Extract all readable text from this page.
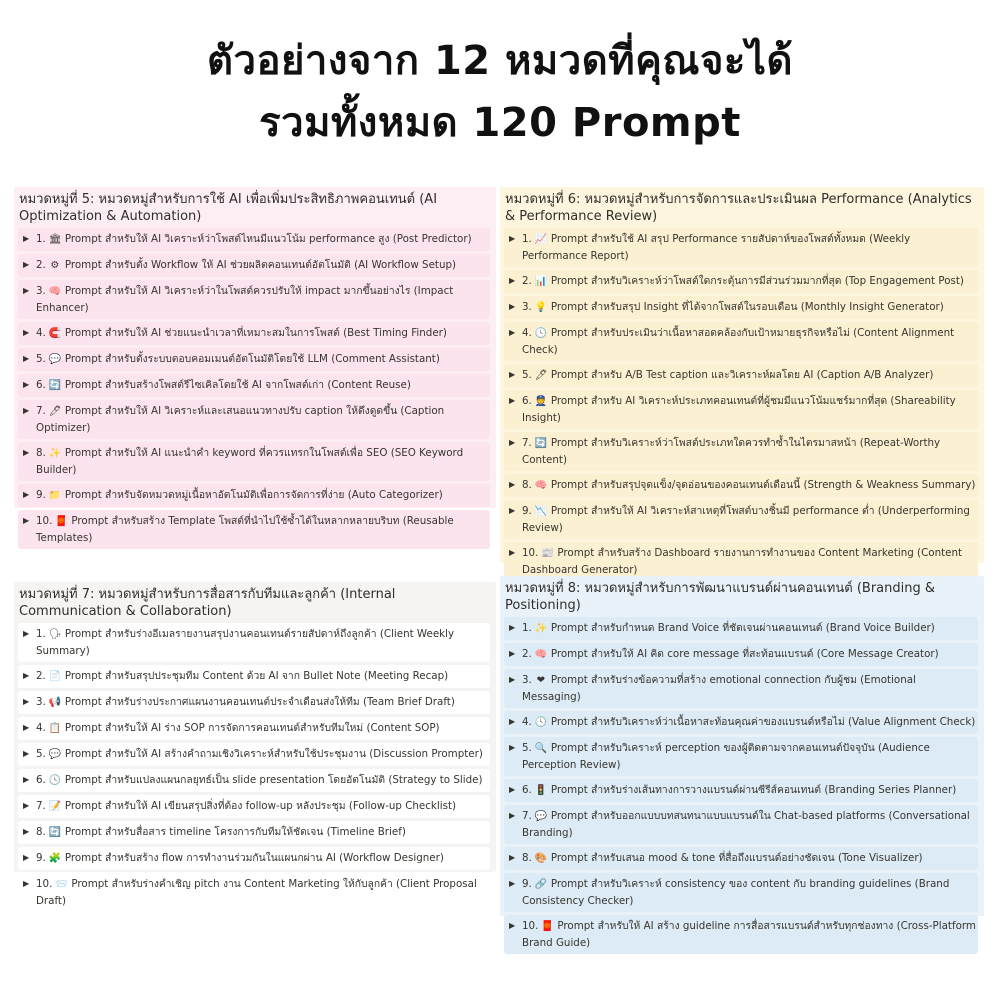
ตัวอย่างจาก 12 หมวดที่คุณจะได้
รวมทั้งหมด 120 Prompt
หมวดหมู่ที่ 5: หมวดหมู่สำหรับการใช้ AI เพื่อเพิ่มประสิทธิภาพคอนเทนต์ (AI Optimization & Automation)
▶ 1. 🏛 Prompt สำหรับให้ AI วิเคราะห์ว่าโพสต์ไหนมีแนวโน้ม performance สูง (Post Predictor)
▶ 2. ⚙ Prompt สำหรับตั้ง Workflow ให้ AI ช่วยผลิตคอนเทนต์อัตโนมัติ (AI Workflow Setup)
▶ 3. 🧠 Prompt สำหรับให้ AI วิเคราะห์ว่าในโพสต์ควรปรับให้ impact มากขึ้นอย่างไร (Impact Enhancer)
▶ 4. 🧲 Prompt สำหรับให้ AI ช่วยแนะนำเวลาที่เหมาะสมในการโพสต์ (Best Timing Finder)
▶ 5. 💬 Prompt สำหรับตั้งระบบตอบคอมเมนต์อัตโนมัติโดยใช้ LLM (Comment Assistant)
▶ 6. 🔄 Prompt สำหรับสร้างโพสต์รีไซเคิลโดยใช้ AI จากโพสต์เก่า (Content Reuse)
▶ 7. 🖊 Prompt สำหรับให้ AI วิเคราะห์และเสนอแนวทางปรับ caption ให้ดึงดูดขึ้น (Caption Optimizer)
▶ 8. ✨ Prompt สำหรับให้ AI แนะนำคำ keyword ที่ควรแทรกในโพสต์เพื่อ SEO (SEO Keyword Builder)
▶ 9. 📁 Prompt สำหรับจัดหมวดหมู่เนื้อหาอัตโนมัติเพื่อการจัดการที่ง่าย (Auto Categorizer)
▶ 10. 🧧 Prompt สำหรับสร้าง Template โพสต์ที่นำไปใช้ซ้ำได้ในหลากหลายบริบท (Reusable Templates)
หมวดหมู่ที่ 6: หมวดหมู่สำหรับการจัดการและประเมินผล Performance (Analytics & Performance Review)
▶ 1. 📈 Prompt สำหรับใช้ AI สรุป Performance รายสัปดาห์ของโพสต์ทั้งหมด (Weekly Performance Report)
▶ 2. 📊 Prompt สำหรับวิเคราะห์ว่าโพสต์ใดกระตุ้นการมีส่วนร่วมมากที่สุด (Top Engagement Post)
▶ 3. 💡 Prompt สำหรับสรุป Insight ที่ได้จากโพสต์ในรอบเดือน (Monthly Insight Generator)
▶ 4. 🕓 Prompt สำหรับประเมินว่าเนื้อหาสอดคล้องกับเป้าหมายธุรกิจหรือไม่ (Content Alignment Check)
▶ 5. 🖊 Prompt สำหรับ A/B Test caption และวิเคราะห์ผลโดย AI (Caption A/B Analyzer)
▶ 6. 👮 Prompt สำหรับ AI วิเคราะห์ประเภทคอนเทนต์ที่ผู้ชมมีแนวโน้มแชร์มากที่สุด (Shareability Insight)
▶ 7. 🔄 Prompt สำหรับวิเคราะห์ว่าโพสต์ประเภทใดควรทำซ้ำในไตรมาสหน้า (Repeat-Worthy Content)
▶ 8. 🧠 Prompt สำหรับสรุปจุดแข็ง/จุดอ่อนของคอนเทนต์เดือนนี้ (Strength & Weakness Summary)
▶ 9. 📉 Prompt สำหรับให้ AI วิเคราะห์สาเหตุที่โพสต์บางชิ้นมี performance ต่ำ (Underperforming Review)
▶ 10. 📰 Prompt สำหรับสร้าง Dashboard รายงานการทำงานของ Content Marketing (Content Dashboard Generator)
หมวดหมู่ที่ 7: หมวดหมู่สำหรับการสื่อสารกับทีมและลูกค้า (Internal Communication & Collaboration)
▶ 1. 🗣 Prompt สำหรับร่างอีเมลรายงานสรุปงานคอนเทนต์รายสัปดาห์ถึงลูกค้า (Client Weekly Summary)
▶ 2. 📄 Prompt สำหรับสรุปประชุมทีม Content ด้วย AI จาก Bullet Note (Meeting Recap)
▶ 3. 📢 Prompt สำหรับร่างประกาศแผนงานคอนเทนต์ประจำเดือนส่งให้ทีม (Team Brief Draft)
▶ 4. 📋 Prompt สำหรับให้ AI ร่าง SOP การจัดการคอนเทนต์สำหรับทีมใหม่ (Content SOP)
▶ 5. 💬 Prompt สำหรับให้ AI สร้างคำถามเชิงวิเคราะห์สำหรับใช้ประชุมงาน (Discussion Prompter)
▶ 6. 🕓 Prompt สำหรับแปลงแผนกลยุทธ์เป็น slide presentation โดยอัตโนมัติ (Strategy to Slide)
▶ 7. 📝 Prompt สำหรับให้ AI เขียนสรุปสิ่งที่ต้อง follow-up หลังประชุม (Follow-up Checklist)
▶ 8. 🔄 Prompt สำหรับสื่อสาร timeline โครงการกับทีมให้ชัดเจน (Timeline Brief)
▶ 9. 🧩 Prompt สำหรับสร้าง flow การทำงานร่วมกันในแผนกผ่าน AI (Workflow Designer)
▶ 10. 📨 Prompt สำหรับร่างคำเชิญ pitch งาน Content Marketing ให้กับลูกค้า (Client Proposal Draft)
หมวดหมู่ที่ 8: หมวดหมู่สำหรับการพัฒนาแบรนด์ผ่านคอนเทนต์ (Branding & Positioning)
▶ 1. ✨ Prompt สำหรับกำหนด Brand Voice ที่ชัดเจนผ่านคอนเทนต์ (Brand Voice Builder)
▶ 2. 🧠 Prompt สำหรับให้ AI คิด core message ที่สะท้อนแบรนด์ (Core Message Creator)
▶ 3. ❤ Prompt สำหรับร่างข้อความที่สร้าง emotional connection กับผู้ชม (Emotional Messaging)
▶ 4. 🕓 Prompt สำหรับวิเคราะห์ว่าเนื้อหาสะท้อนคุณค่าของแบรนด์หรือไม่ (Value Alignment Check)
▶ 5. 🔍 Prompt สำหรับวิเคราะห์ perception ของผู้ติดตามจากคอนเทนต์ปัจจุบัน (Audience Perception Review)
▶ 6. 🚦 Prompt สำหรับร่างเส้นทางการวางแบรนด์ผ่านซีรีส์คอนเทนต์ (Branding Series Planner)
▶ 7. 💬 Prompt สำหรับออกแบบบทสนทนาแบบแบรนด์ใน Chat-based platforms (Conversational Branding)
▶ 8. 🎨 Prompt สำหรับเสนอ mood & tone ที่สื่อถึงแบรนด์อย่างชัดเจน (Tone Visualizer)
▶ 9. 🔗 Prompt สำหรับวิเคราะห์ consistency ของ content กับ branding guidelines (Brand Consistency Checker)
▶ 10. 🧧 Prompt สำหรับให้ AI สร้าง guideline การสื่อสารแบรนด์สำหรับทุกช่องทาง (Cross-Platform Brand Guide)
